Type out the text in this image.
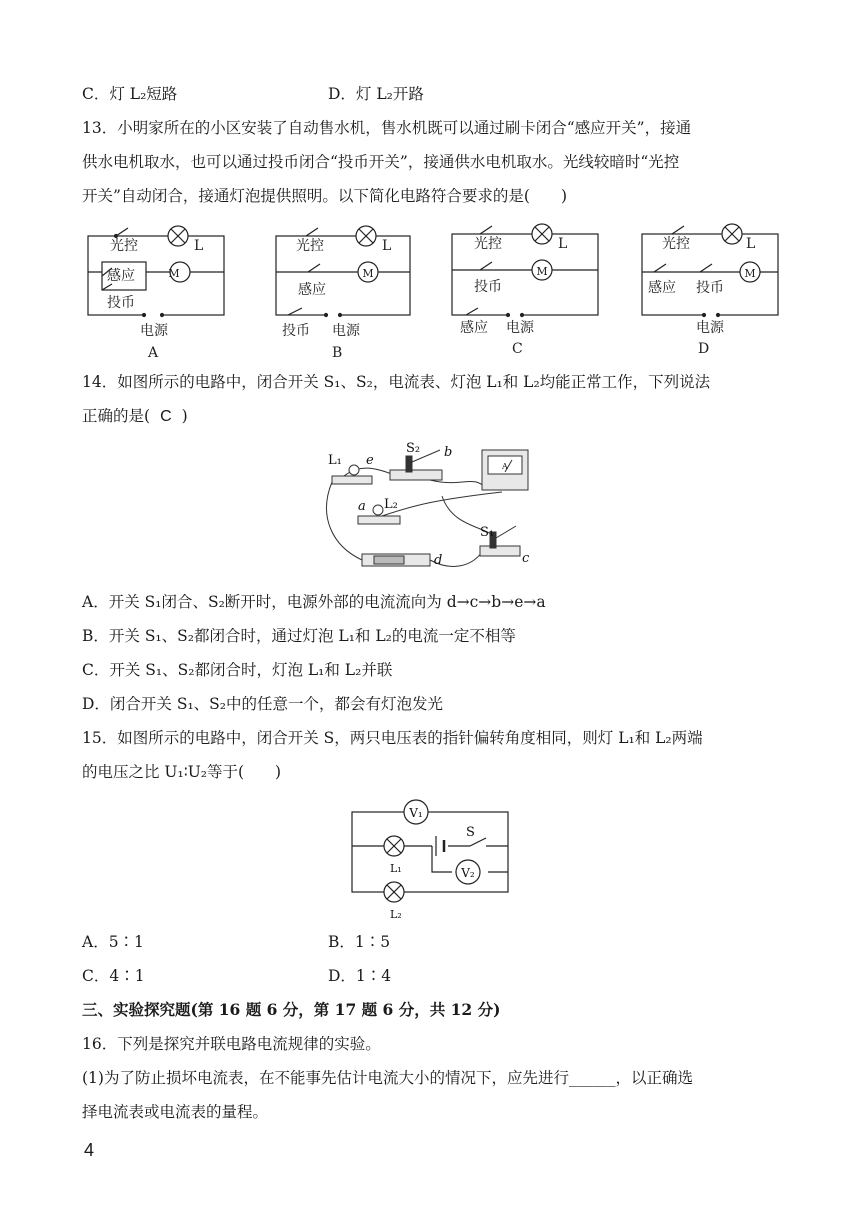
C．灯 L₂短路	D．灯 L₂开路
13．小明家所在的小区安装了自动售水机，售水机既可以通过刷卡闭合“感应开关”，接通
供水电机取水，也可以通过投币闭合“投币开关”，接通供水电机取水。光线较暗时“光控
开关”自动闭合，接通灯泡提供照明。以下简化电路符合要求的是(　　)
光控	L
感应	M
投币
电源
A
光控	L
M
感应
投币 电源
B
光控	L
M
投币
感应 电源
C
光控	L
M
感应 投币
电源
D
14．如图所示的电路中，闭合开关 S₁、S₂，电流表、灯泡 L₁和 L₂均能正常工作，下列说法
正确的是( C )
L₁ e
S₂ b
A
a L₂
S₁
c
d
A．开关 S₁闭合、S₂断开时，电源外部的电流流向为 d→c→b→e→a
B．开关 S₁、S₂都闭合时，通过灯泡 L₁和 L₂的电流一定不相等
C．开关 S₁、S₂都闭合时，灯泡 L₁和 L₂并联
D．闭合开关 S₁、S₂中的任意一个，都会有灯泡发光
15．如图所示的电路中，闭合开关 S，两只电压表的指针偏转角度相同，则灯 L₁和 L₂两端
的电压之比 U₁∶U₂等于(　　)
V₁
V₂
S
L₁
L₂
A．5∶1	B．1∶5
C．4∶1	D．1∶4
三、实验探究题(第 16 题 6 分，第 17 题 6 分，共 12 分)
16．下列是探究并联电路电流规律的实验。
(1)为了防止损坏电流表，在不能事先估计电流大小的情况下，应先进行______，以正确选
择电流表或电流表的量程。
4
